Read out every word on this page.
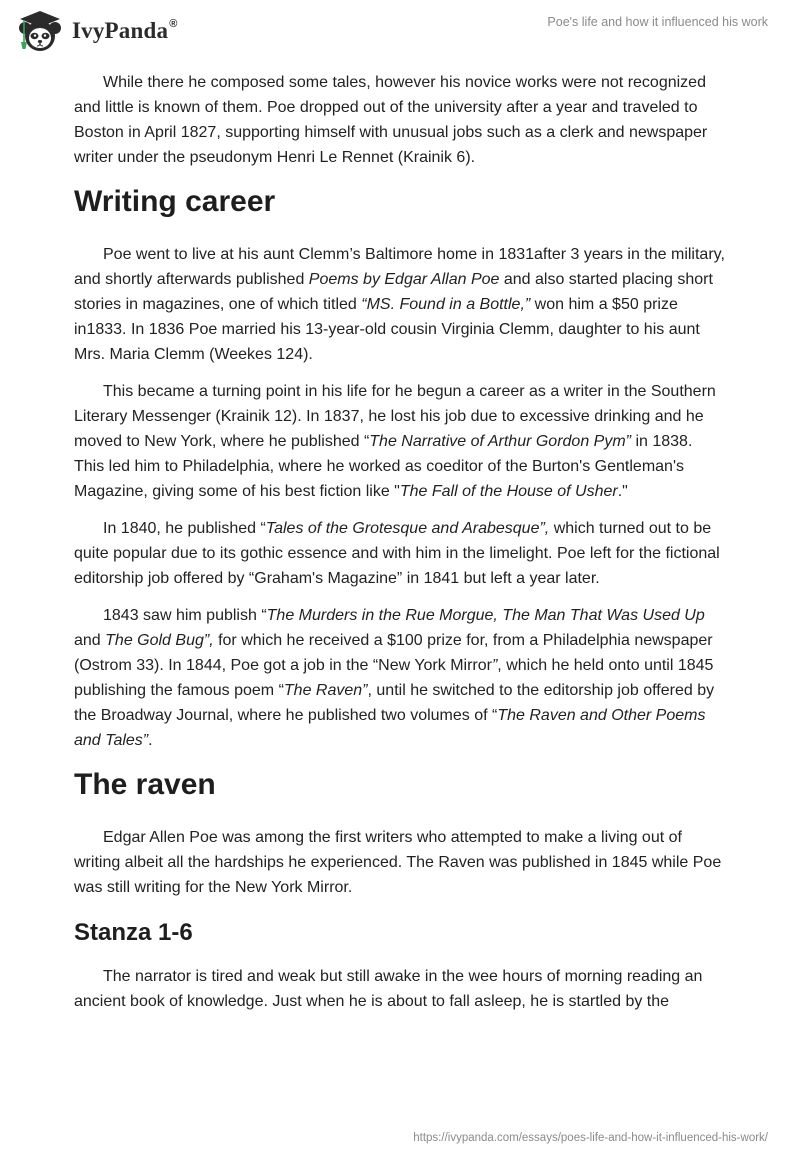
IvyPanda®	Poe's life and how it influenced his work

While there he composed some tales, however his novice works were not recognized and little is known of them. Poe dropped out of the university after a year and traveled to Boston in April 1827, supporting himself with unusual jobs such as a clerk and newspaper writer under the pseudonym Henri Le Rennet (Krainik 6).

Writing career

Poe went to live at his aunt Clemm’s Baltimore home in 1831after 3 years in the military, and shortly afterwards published Poems by Edgar Allan Poe and also started placing short stories in magazines, one of which titled “MS. Found in a Bottle,” won him a $50 prize in1833. In 1836 Poe married his 13-year-old cousin Virginia Clemm, daughter to his aunt Mrs. Maria Clemm (Weekes 124).

This became a turning point in his life for he begun a career as a writer in the Southern Literary Messenger (Krainik 12). In 1837, he lost his job due to excessive drinking and he moved to New York, where he published “The Narrative of Arthur Gordon Pym” in 1838. This led him to Philadelphia, where he worked as coeditor of the Burton's Gentleman's Magazine, giving some of his best fiction like "The Fall of the House of Usher."

In 1840, he published “Tales of the Grotesque and Arabesque”, which turned out to be quite popular due to its gothic essence and with him in the limelight. Poe left for the fictional editorship job offered by “Graham's Magazine” in 1841 but left a year later.

1843 saw him publish “The Murders in the Rue Morgue, The Man That Was Used Up and The Gold Bug”, for which he received a $100 prize for, from a Philadelphia newspaper (Ostrom 33). In 1844, Poe got a job in the “New York Mirror”, which he held onto until 1845 publishing the famous poem “The Raven”, until he switched to the editorship job offered by the Broadway Journal, where he published two volumes of “The Raven and Other Poems and Tales”.

The raven

Edgar Allen Poe was among the first writers who attempted to make a living out of writing albeit all the hardships he experienced. The Raven was published in 1845 while Poe was still writing for the New York Mirror.

Stanza 1-6

The narrator is tired and weak but still awake in the wee hours of morning reading an ancient book of knowledge. Just when he is about to fall asleep, he is startled by the

https://ivypanda.com/essays/poes-life-and-how-it-influenced-his-work/
